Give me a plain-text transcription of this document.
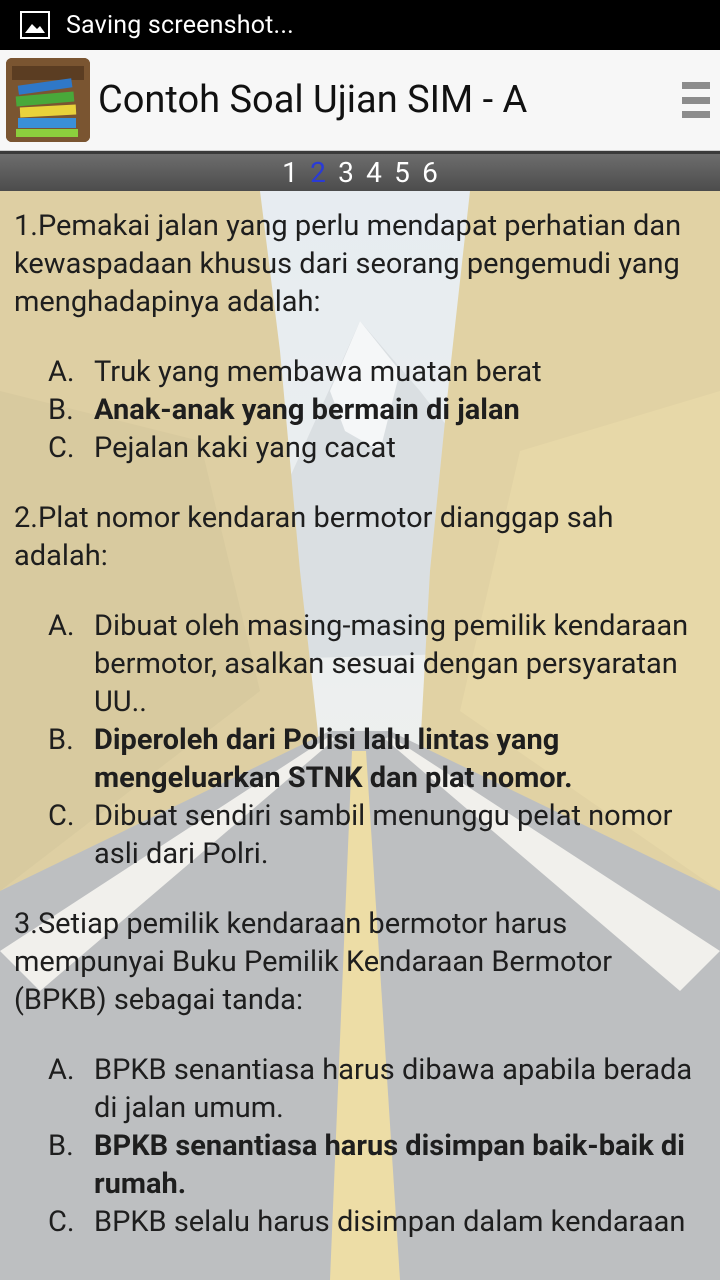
Saving screenshot...
Contoh Soal Ujian SIM - A
1 2 3 4 5 6
1.Pemakai jalan yang perlu mendapat perhatian dan kewaspadaan khusus dari seorang pengemudi yang menghadapinya adalah:
A. Truk yang membawa muatan berat
B. Anak-anak yang bermain di jalan
C. Pejalan kaki yang cacat
2.Plat nomor kendaran bermotor dianggap sah adalah:
A. Dibuat oleh masing-masing pemilik kendaraan bermotor, asalkan sesuai dengan persyaratan UU..
B. Diperoleh dari Polisi lalu lintas yang mengeluarkan STNK dan plat nomor.
C. Dibuat sendiri sambil menunggu pelat nomor asli dari Polri.
3.Setiap pemilik kendaraan bermotor harus mempunyai Buku Pemilik Kendaraan Bermotor (BPKB) sebagai tanda:
A. BPKB senantiasa harus dibawa apabila berada di jalan umum.
B. BPKB senantiasa harus disimpan baik-baik di rumah.
C. BPKB selalu harus disimpan dalam kendaraan
